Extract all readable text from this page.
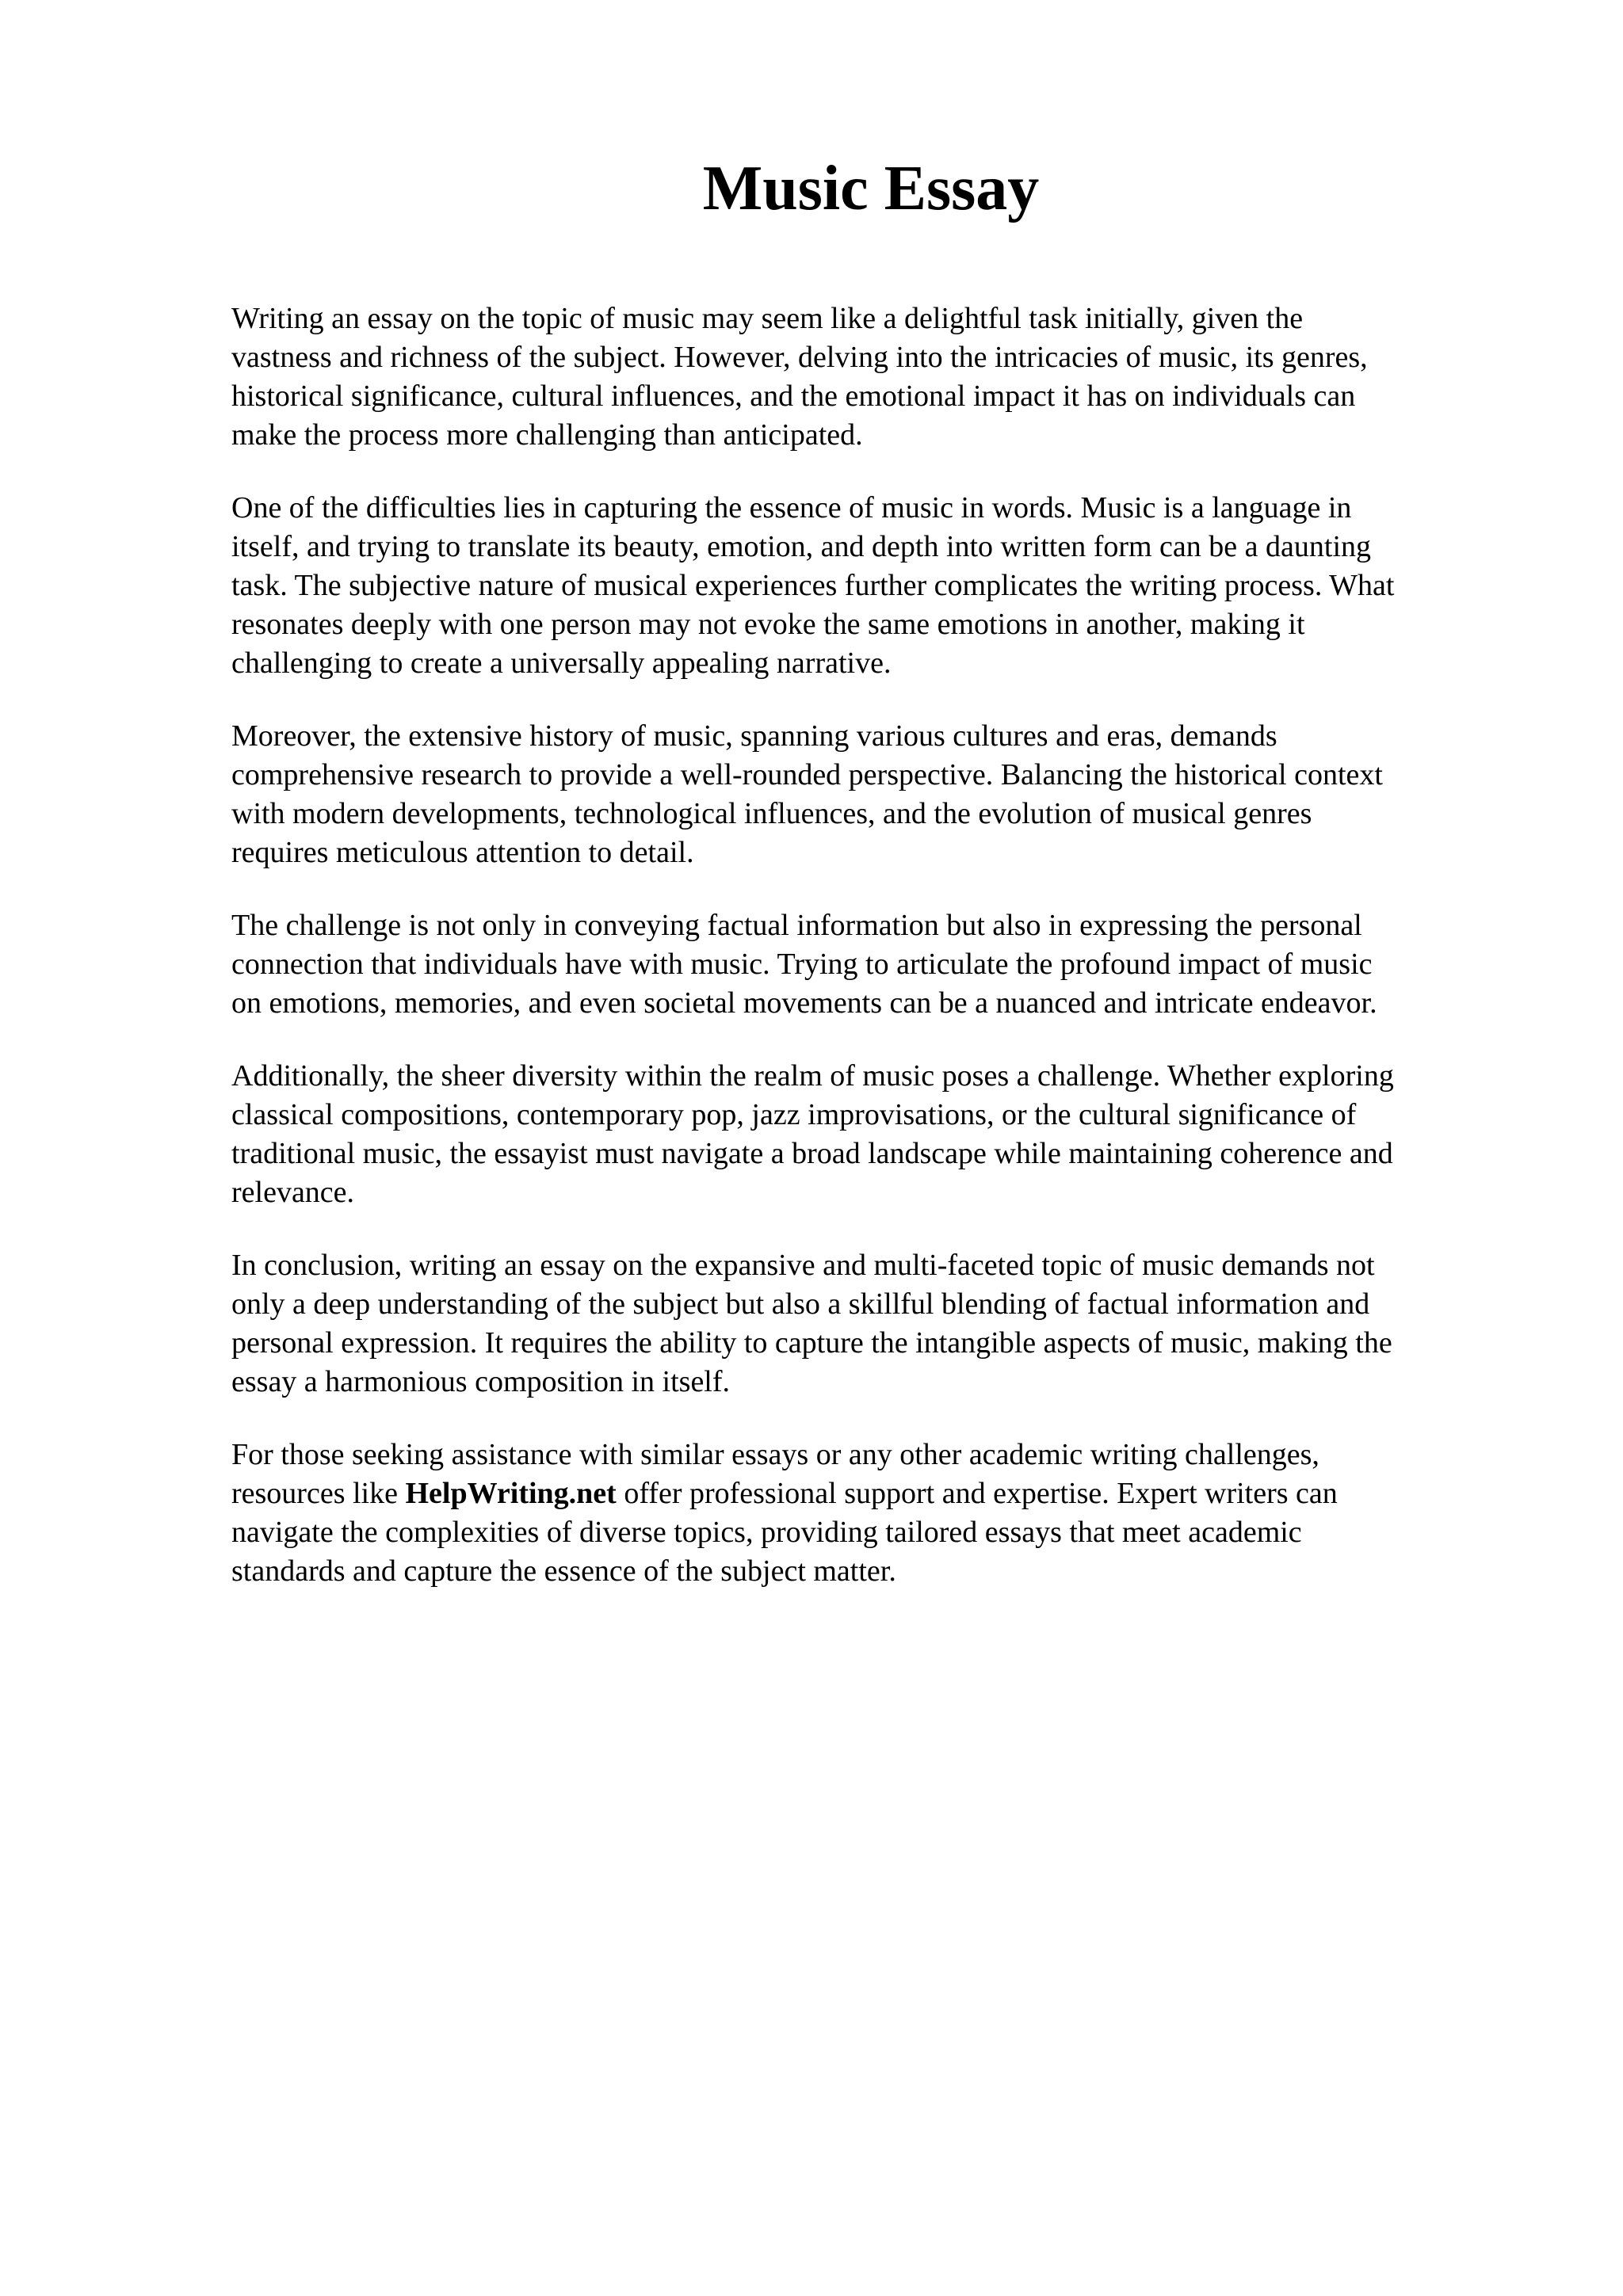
Music Essay

Writing an essay on the topic of music may seem like a delightful task initially, given the
vastness and richness of the subject. However, delving into the intricacies of music, its genres,
historical significance, cultural influences, and the emotional impact it has on individuals can
make the process more challenging than anticipated.

One of the difficulties lies in capturing the essence of music in words. Music is a language in
itself, and trying to translate its beauty, emotion, and depth into written form can be a daunting
task. The subjective nature of musical experiences further complicates the writing process. What
resonates deeply with one person may not evoke the same emotions in another, making it
challenging to create a universally appealing narrative.

Moreover, the extensive history of music, spanning various cultures and eras, demands
comprehensive research to provide a well-rounded perspective. Balancing the historical context
with modern developments, technological influences, and the evolution of musical genres
requires meticulous attention to detail.

The challenge is not only in conveying factual information but also in expressing the personal
connection that individuals have with music. Trying to articulate the profound impact of music
on emotions, memories, and even societal movements can be a nuanced and intricate endeavor.

Additionally, the sheer diversity within the realm of music poses a challenge. Whether exploring
classical compositions, contemporary pop, jazz improvisations, or the cultural significance of
traditional music, the essayist must navigate a broad landscape while maintaining coherence and
relevance.

In conclusion, writing an essay on the expansive and multi-faceted topic of music demands not
only a deep understanding of the subject but also a skillful blending of factual information and
personal expression. It requires the ability to capture the intangible aspects of music, making the
essay a harmonious composition in itself.

For those seeking assistance with similar essays or any other academic writing challenges,
resources like HelpWriting.net offer professional support and expertise. Expert writers can
navigate the complexities of diverse topics, providing tailored essays that meet academic
standards and capture the essence of the subject matter.
